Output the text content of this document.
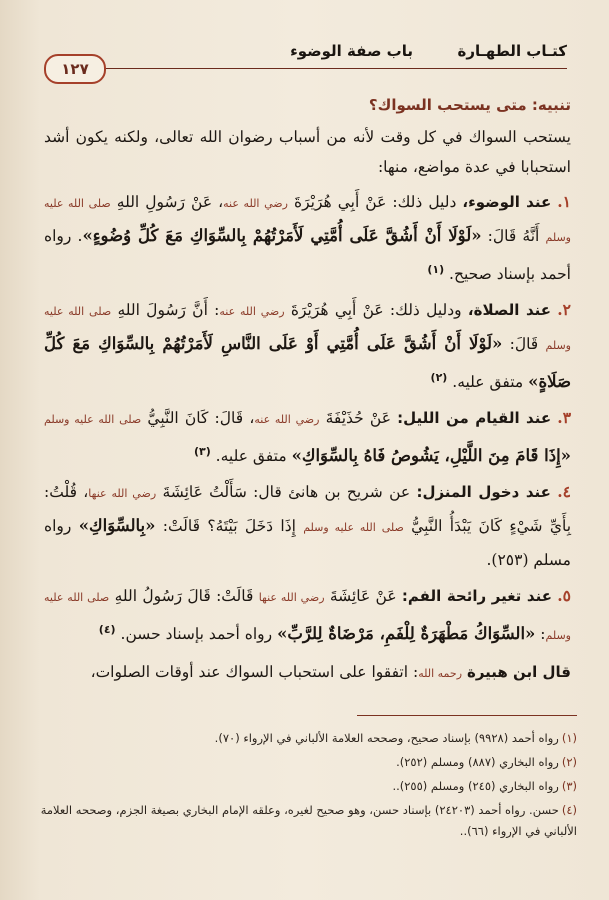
كتـاب الطهـارة
باب صفة الوضوء
١٢٧
تنبيه: متى يستحب السواك؟

يستحب السواك في كل وقت لأنه من أسباب رضوان الله تعالى، ولكنه يكون أشد استحبابا في عدة مواضع، منها:

١. عند الوضوء، دليل ذلك: عَنْ أَبِي هُرَيْرَةَ رضي الله عنه، عَنْ رَسُولِ اللهِ صلى الله عليه وسلم أَنَّهُ قَالَ: «لَوْلَا أَنْ أَشُقَّ عَلَى أُمَّتِي لَأَمَرْتُهُمْ بِالسِّوَاكِ مَعَ كُلِّ وُضُوءٍ». رواه أحمد بإسناد صحيح. $^{(١)}$
٢. عند الصلاة، ودليل ذلك: عَنْ أَبِي هُرَيْرَةَ رضي الله عنه: أَنَّ رَسُولَ اللهِ صلى الله عليه وسلم قَالَ: «لَوْلَا أَنْ أَشُقَّ عَلَى أُمَّتِي أَوْ عَلَى النَّاسِ لَأَمَرْتُهُمْ بِالسِّوَاكِ مَعَ كُلِّ صَلَاةٍ» متفق عليه. $^{(٢)}$
٣. عند القيام من الليل: عَنْ حُذَيْفَةَ رضي الله عنه، قَالَ: كَانَ النَّبِيُّ صلى الله عليه وسلم «إِذَا قَامَ مِنَ اللَّيْلِ، يَشُوصُ فَاهُ بِالسِّوَاكِ» متفق عليه. $^{(٣)}$
٤. عند دخول المنزل: عن شريح بن هانئ قال: سَأَلْتُ عَائِشَةَ رضي الله عنها، قُلْتُ: بِأَيِّ شَيْءٍ كَانَ يَبْدَأُ النَّبِيُّ صلى الله عليه وسلم إِذَا دَخَلَ بَيْتَهُ؟ قَالَتْ: «بِالسِّوَاكِ» رواه مسلم (٢٥٣).
٥. عند تغير رائحة الفم: عَنْ عَائِشَةَ رضي الله عنها قَالَتْ: قَالَ رَسُولُ اللهِ صلى الله عليه وسلم: «السِّوَاكُ مَطْهَرَةٌ لِلْفَمِ، مَرْضَاةٌ لِلرَّبِّ» رواه أحمد بإسناد حسن. $^{(٤)}$
قال ابن هبيرة رحمه الله: اتفقوا على استحباب السواك عند أوقات الصلوات،
(١)رواه أحمد (٩٩٢٨) بإسناد صحيح، وصححه العلامة الألباني في الإرواء (٧٠).
(٢)رواه البخاري (٨٨٧) ومسلم (٢٥٢).
(٣)رواه البخاري (٢٤٥) ومسلم (٢٥٥)..
(٤)حسن. رواه أحمد (٢٤٢٠٣) بإسناد حسن، وهو صحيح لغيره، وعلقه الإمام البخاري بصيغة الجزم، وصححه العلامة الألباني في الإرواء (٦٦)..
